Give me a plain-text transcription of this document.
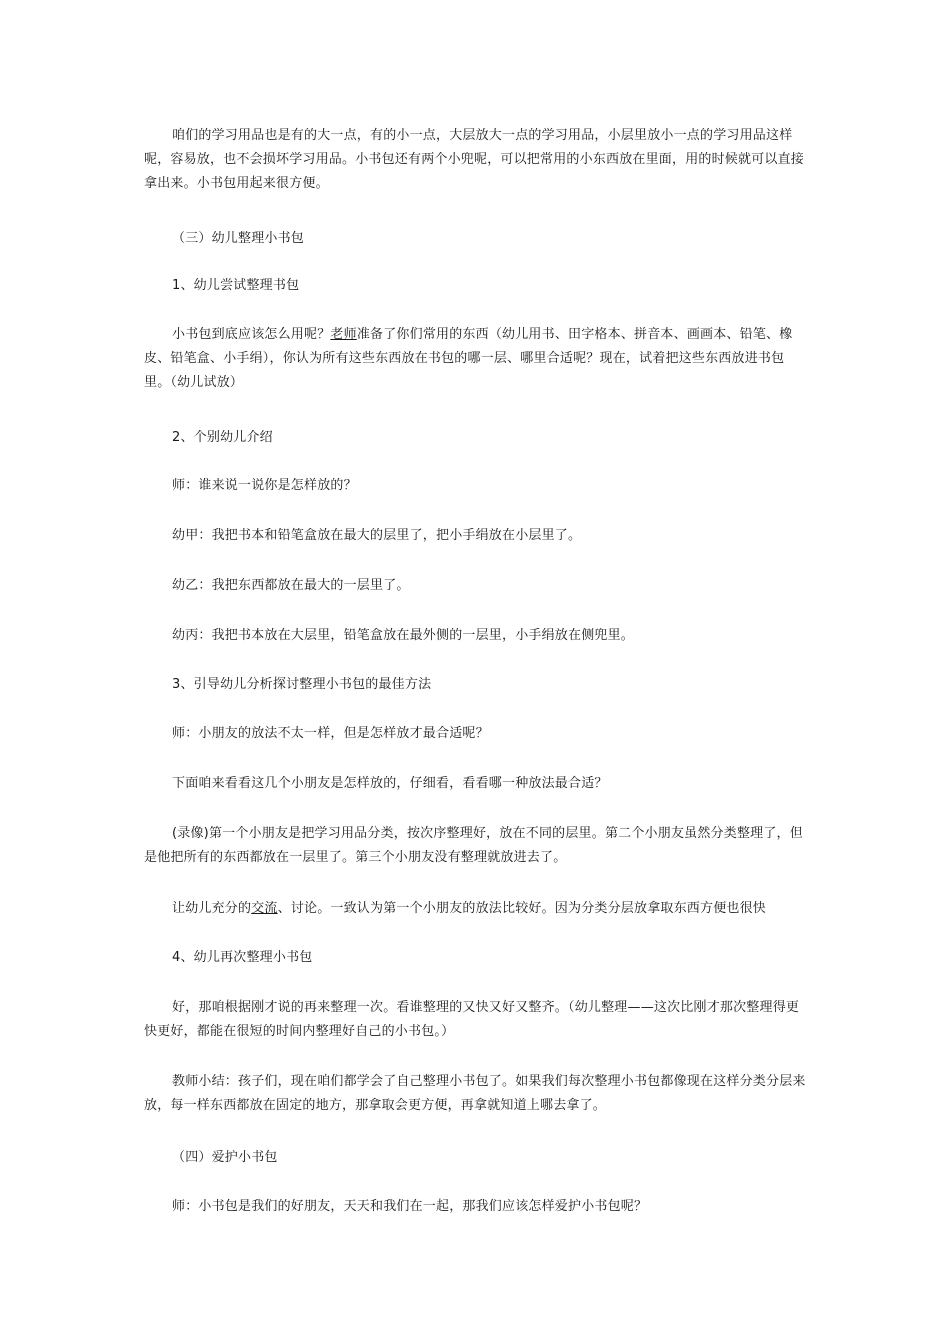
咱们的学习用品也是有的大一点，有的小一点，大层放大一点的学习用品，小层里放小一点的学习用品这样呢，容易放，也不会损坏学习用品。小书包还有两个小兜呢，可以把常用的小东西放在里面，用的时候就可以直接拿出来。小书包用起来很方便。

（三）幼儿整理小书包

1、幼儿尝试整理书包

小书包到底应该怎么用呢？老师准备了你们常用的东西（幼儿用书、田字格本、拼音本、画画本、铅笔、橡皮、铅笔盒、小手绢），你认为所有这些东西放在书包的哪一层、哪里合适呢？现在，试着把这些东西放进书包里。（幼儿试放）

2、个别幼儿介绍

师：谁来说一说你是怎样放的？

幼甲：我把书本和铅笔盒放在最大的层里了，把小手绢放在小层里了。

幼乙：我把东西都放在最大的一层里了。

幼丙：我把书本放在大层里，铅笔盒放在最外侧的一层里，小手绢放在侧兜里。

3、引导幼儿分析探讨整理小书包的最佳方法

师：小朋友的放法不太一样，但是怎样放才最合适呢？

下面咱来看看这几个小朋友是怎样放的，仔细看，看看哪一种放法最合适？

(录像)第一个小朋友是把学习用品分类，按次序整理好，放在不同的层里。第二个小朋友虽然分类整理了，但是他把所有的东西都放在一层里了。第三个小朋友没有整理就放进去了。

让幼儿充分的交流、讨论。一致认为第一个小朋友的放法比较好。因为分类分层放拿取东西方便也很快

4、幼儿再次整理小书包

好，那咱根据刚才说的再来整理一次。看谁整理的又快又好又整齐。（幼儿整理——这次比刚才那次整理得更快更好，都能在很短的时间内整理好自己的小书包。）

教师小结：孩子们，现在咱们都学会了自己整理小书包了。如果我们每次整理小书包都像现在这样分类分层来放，每一样东西都放在固定的地方，那拿取会更方便，再拿就知道上哪去拿了。

（四）爱护小书包

师：小书包是我们的好朋友，天天和我们在一起，那我们应该怎样爱护小书包呢？
